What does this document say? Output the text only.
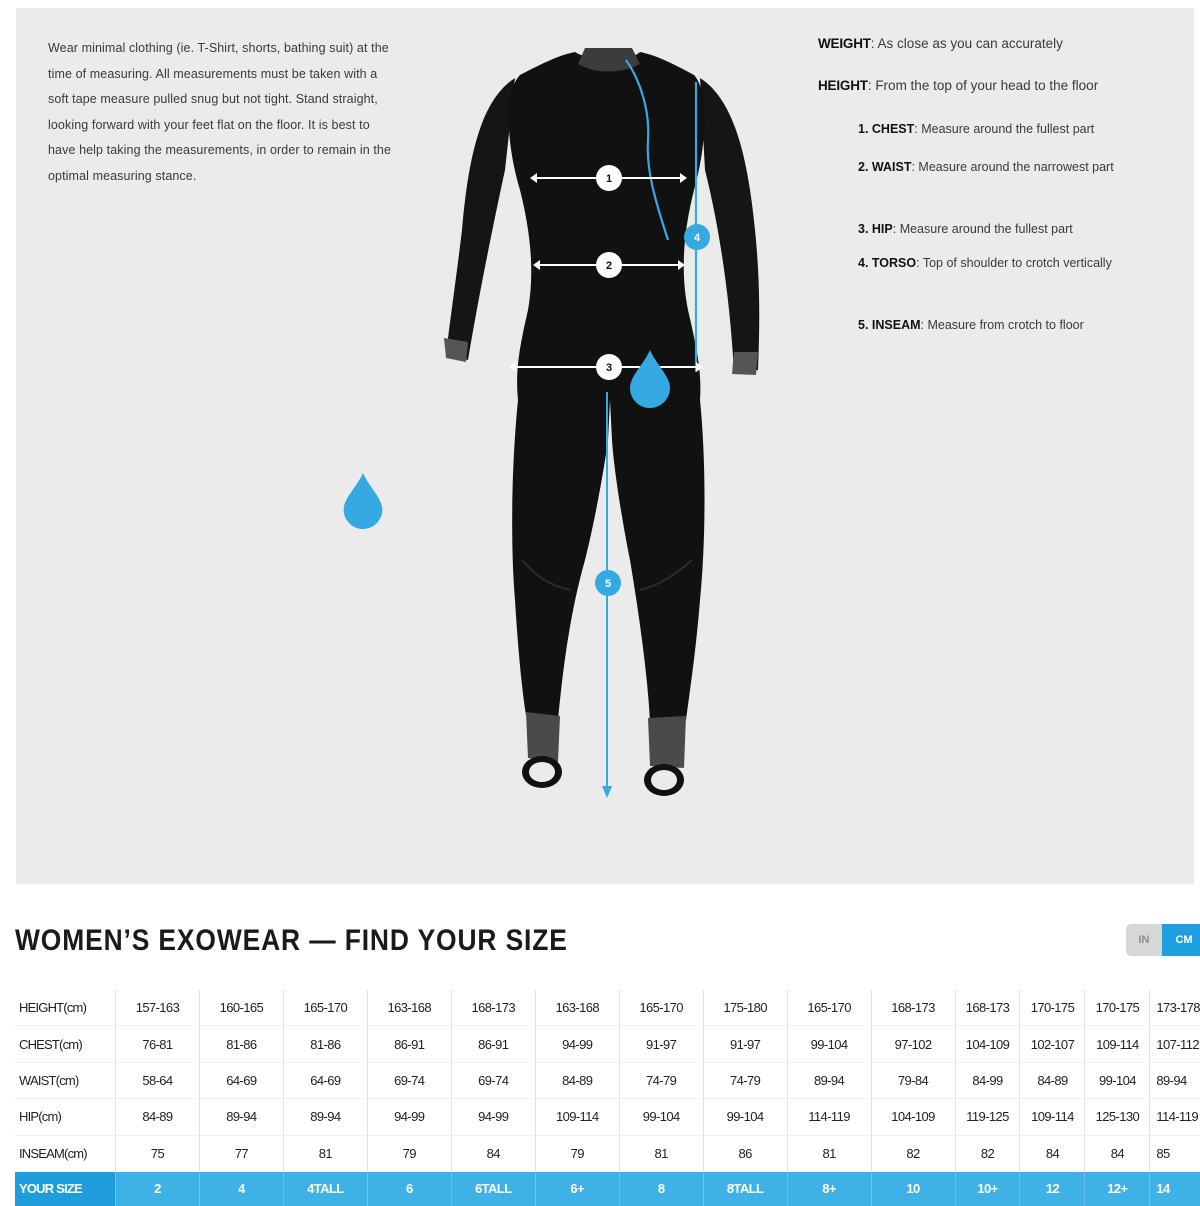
Wear minimal clothing (ie. T-Shirt, shorts, bathing suit) at the time of measuring. All measurements must be taken with a soft tape measure pulled snug but not tight. Stand straight, looking forward with your feet flat on the floor. It is best to have help taking the measurements, in order to remain in the optimal measuring stance.

WEIGHT: As close as you can accurately
HEIGHT: From the top of your head to the floor
1. CHEST: Measure around the fullest part
2. WAIST: Measure around the narrowest part
3. HIP: Measure around the fullest part
4. TORSO: Top of shoulder to crotch vertically
5. INSEAM: Measure from crotch to floor
1
2
3
4
5
WOMEN’S EXOWEAR — FIND YOUR SIZE	IN	CM
HEIGHT(cm)	157-163	160-165	165-170	163-168	168-173	163-168	165-170	175-180	165-170	168-173	168-173	170-175	170-175	173-178
CHEST(cm)	76-81	81-86	81-86	86-91	86-91	94-99	91-97	91-97	99-104	97-102	104-109	102-107	109-114	107-112
WAIST(cm)	58-64	64-69	64-69	69-74	69-74	84-89	74-79	74-79	89-94	79-84	84-99	84-89	99-104	89-94
HIP(cm)	84-89	89-94	89-94	94-99	94-99	109-114	99-104	99-104	114-119	104-109	119-125	109-114	125-130	114-119
INSEAM(cm)	75	77	81	79	84	79	81	86	81	82	82	84	84	85
YOUR SIZE	2	4	4TALL	6	6TALL	6+	8	8TALL	8+	10	10+	12	12+	14
